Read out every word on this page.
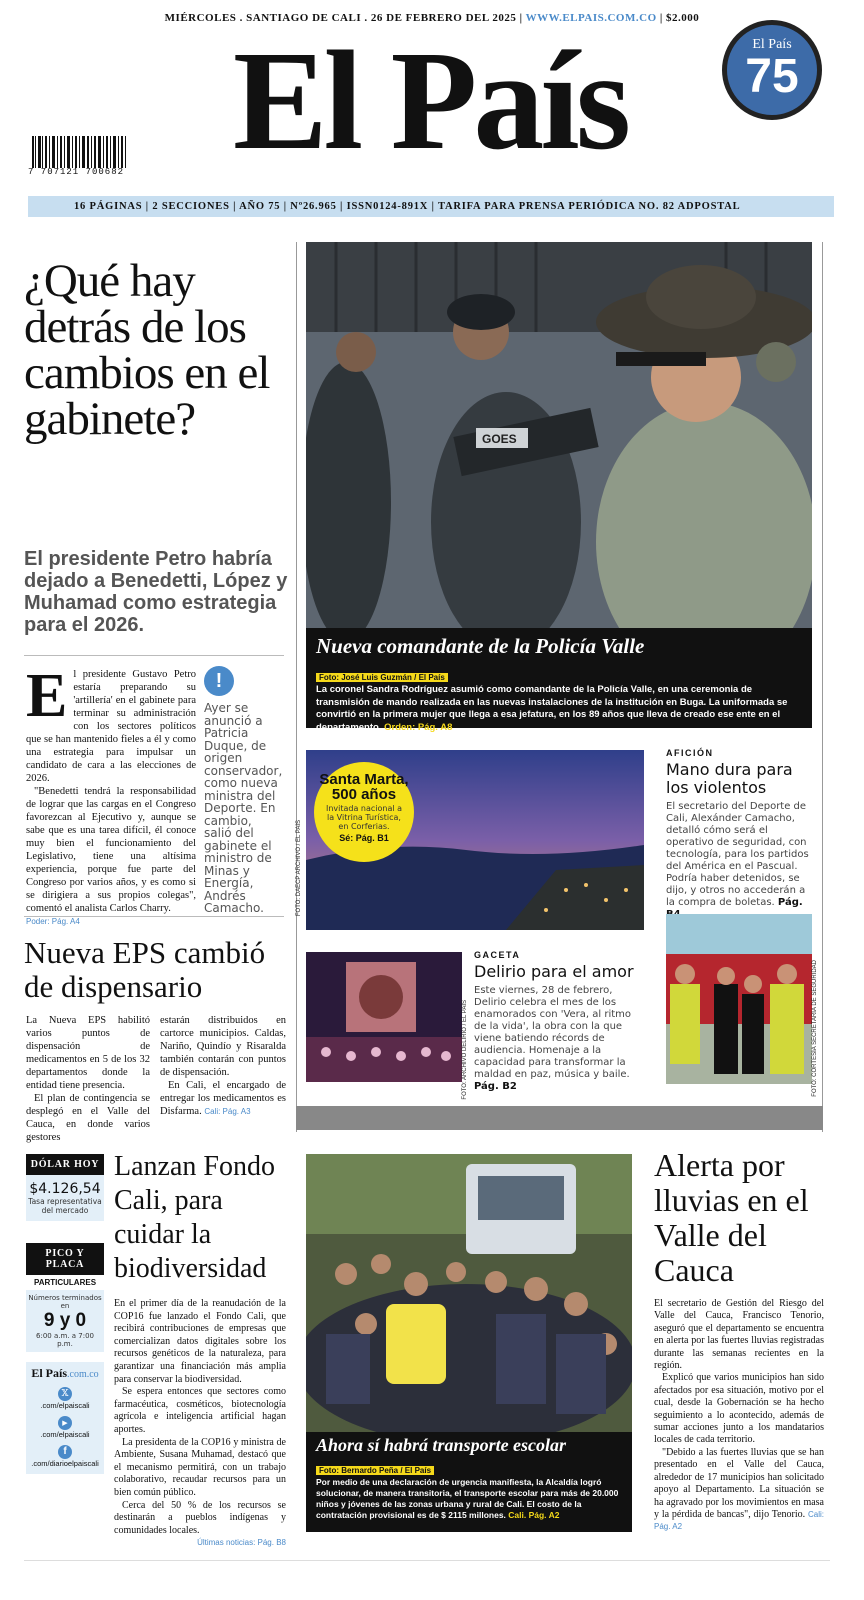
MIÉRCOLES . SANTIAGO DE CALI . 26 DE FEBRERO DEL 2025 | WWW.ELPAIS.COM.CO | $2.000
El País	El País
75
7 707121 700682
16 PÁGINAS | 2 SECCIONES | AÑO 75 | Nº26.965 | ISSN0124-891X | TARIFA PARA PRENSA PERIÓDICA NO. 82 ADPOSTAL
¿Qué hay detrás de los cambios en el gabinete?
El presidente Petro habría dejado a Benedetti, López y Muhamad como estrategia para el 2026.
E l presidente Gustavo Petro estaría preparando su 'artillería' en el gabinete para terminar su administración con los sectores políticos que se han mantenido fieles a él y como una estrategia para impulsar un candidato de cara a las elecciones de 2026.

"Benedetti tendrá la responsabilidad de lograr que las cargas en el Congreso favorezcan al Ejecutivo y, aunque se sabe que es una tarea difícil, él conoce muy bien el funcionamiento del Legislativo, tiene una altísima experiencia, porque fue parte del Congreso por varios años, y es como si se dirigiera a sus propios colegas", comentó el analista Carlos Charry.

Poder: Pág. A4
!
Ayer se anunció a Patricia Duque, de origen conservador, como nueva ministra del Deporte. En cambio, salió del gabinete el ministro de Minas y Energía, Andrés Camacho.
Nueva EPS cambió de dispensario

La Nueva EPS habilitó varios puntos de dispensación de medicamentos en 5 de los 32 departamentos donde la entidad tiene presencia.

El plan de contingencia se desplegó en el Valle del Cauca, en donde varios gestores

estarán distribuidos en cartorce municipios. Caldas, Nariño, Quindío y Risaralda también contarán con puntos de dispensación.

En Cali, el encargado de entregar los medicamentos es Disfarma. Cali: Pág. A3

GOES
Nueva comandante de la Policía Valle
Foto: José Luis Guzmán / El País
La coronel Sandra Rodríguez asumió como comandante de la Policía Valle, en una ceremonia de transmisión de mando realizada en las nuevas instalaciones de la institución en Buga. La uniformada se convirtió en la primera mujer que llega a esa jefatura, en los 89 años que lleva de creado ese ente en el departamento. Orden: Pág. A8
Santa Marta, 500 años
Invitada nacional a la Vitrina Turística, en Corferias.
Sé: Pág. B1
FOTO: DAECP ARCHIVO / EL PAÍS
AFICIÓN
Mano dura para los violentos
El secretario del Deporte de Cali, Alexánder Camacho, detalló cómo será el operativo de seguridad, con tecnología, para los partidos del América en el Pascual. Podría haber detenidos, se dijo, y otros no accederán a la compra de boletas. Pág.
FOTO: CORTESÍA SECRETARÍA DE SEGURIDAD
FOTO: ARCHIVO DELIRIO / EL PAÍS
GACETA
Delirio para el amor
Este viernes, 28 de febrero, Delirio celebra el mes de los enamorados con 'Vera, al ritmo de la vida', la obra con la que viene batiendo récords de audiencia. Homenaje a la capacidad para transformar la maldad en paz, música y baile. Pág. B2
DÓLAR HOY
$4.126,54
Tasa representativa del mercado
PICO Y PLACA
PARTICULARES
Números terminados en
9 y 0
6:00 a.m. a 7:00 p.m.
El País.com.co
𝕏
.com/elpaiscali
▶
.com/elpaiscali
f
.com/diarioelpaiscali
Lanzan Fondo Cali, para cuidar la biodiversidad

En el primer día de la reanudación de la COP16 fue lanzado el Fondo Cali, que recibirá contribuciones de empresas que comercializan datos digitales sobre los recursos genéticos de la naturaleza, para garantizar una financiación más amplia para conservar la biodiversidad.

Se espera entonces que sectores como farmacéutica, cosméticos, biotecnología agrícola e inteligencia artificial hagan aportes.

La presidenta de la COP16 y ministra de Ambiente, Susana Muhamad, destacó que el mecanismo permitirá, con un trabajo colaborativo, recaudar recursos para un bien común público.

Cerca del 50 % de los recursos se destinarán a pueblos indígenas y comunidades locales.

Últimas noticias: Pág. B8

Ahora sí habrá transporte escolar
Foto: Bernardo Peña / El País
Por medio de una declaración de urgencia manifiesta, la Alcaldía logró solucionar, de manera transitoria, el transporte escolar para más de 20.000 niños y jóvenes de las zonas urbana y rural de Cali. El costo de la contratación provisional es de $ 2115 millones. Cali. Pág. A2
Alerta por lluvias en el Valle del Cauca

El secretario de Gestión del Riesgo del Valle del Cauca, Francisco Tenorio, aseguró que el departamento se encuentra en alerta por las fuertes lluvias registradas durante las semanas recientes en la región.

Explicó que varios municipios han sido afectados por esa situación, motivo por el cual, desde la Gobernación se ha hecho seguimiento a lo acontecido, además de sumar acciones junto a los mandatarios locales de cada territorio.

"Debido a las fuertes lluvias que se han presentado en el Valle del Cauca, alrededor de 17 municipios han solicitado apoyo al Departamento. La situación se ha agravado por los movimientos en masa y la pérdida de bancas", dijo Tenorio. Cali: Pág. A2
